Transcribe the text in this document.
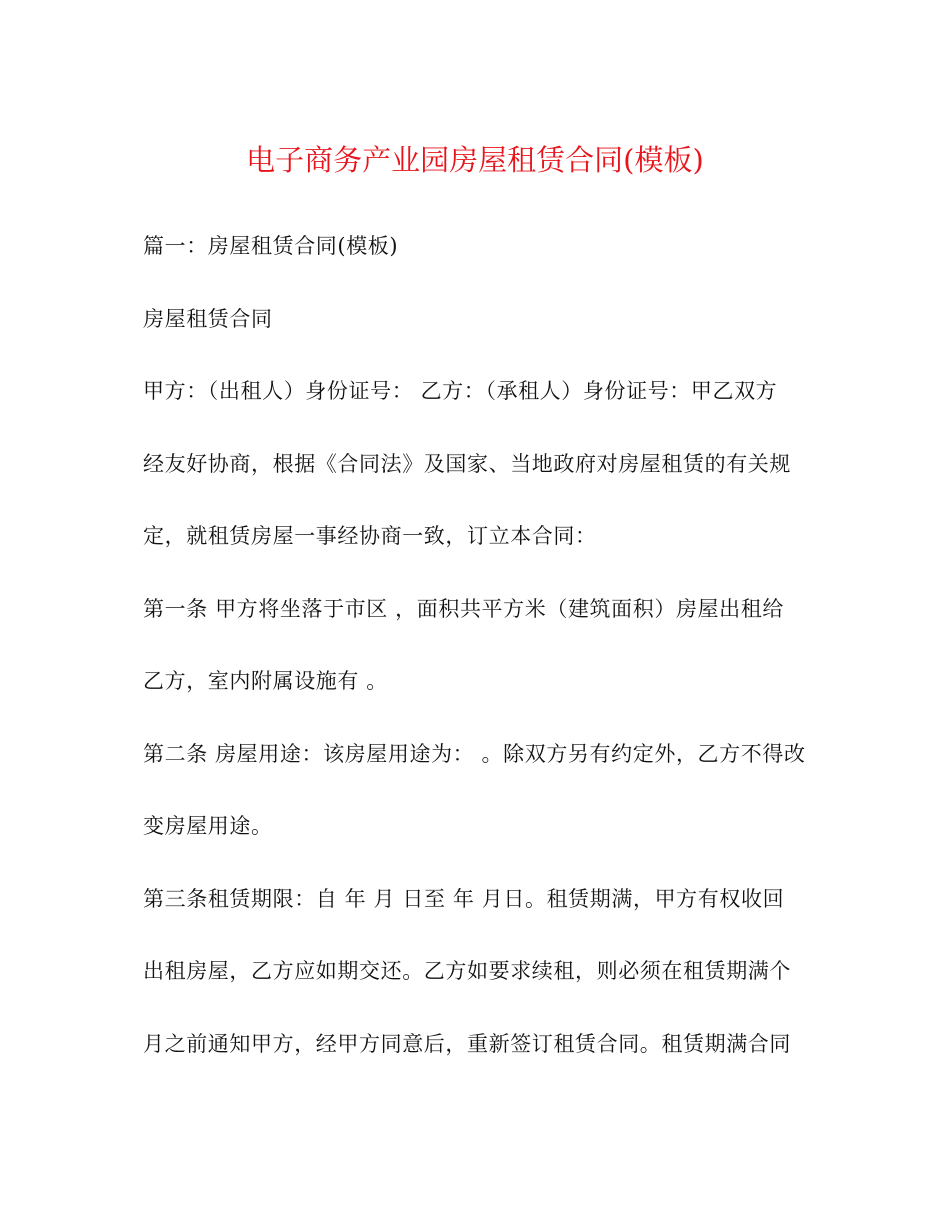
电子商务产业园房屋租赁合同(模板)
篇一：房屋租赁合同(模板)
房屋租赁合同
甲方：（出租人）身份证号： 乙方：（承租人）身份证号：甲乙双方
经友好协商，根据《合同法》及国家、当地政府对房屋租赁的有关规
定，就租赁房屋一事经协商一致，订立本合同：
第一条 甲方将坐落于市区 ，面积共平方米（建筑面积）房屋出租给
乙方，室内附属设施有 。
第二条 房屋用途：该房屋用途为： 。除双方另有约定外，乙方不得改
变房屋用途。
第三条租赁期限：自 年 月 日至 年 月日。租赁期满，甲方有权收回
出租房屋，乙方应如期交还。乙方如要求续租，则必须在租赁期满个
月之前通知甲方，经甲方同意后，重新签订租赁合同。租赁期满合同
